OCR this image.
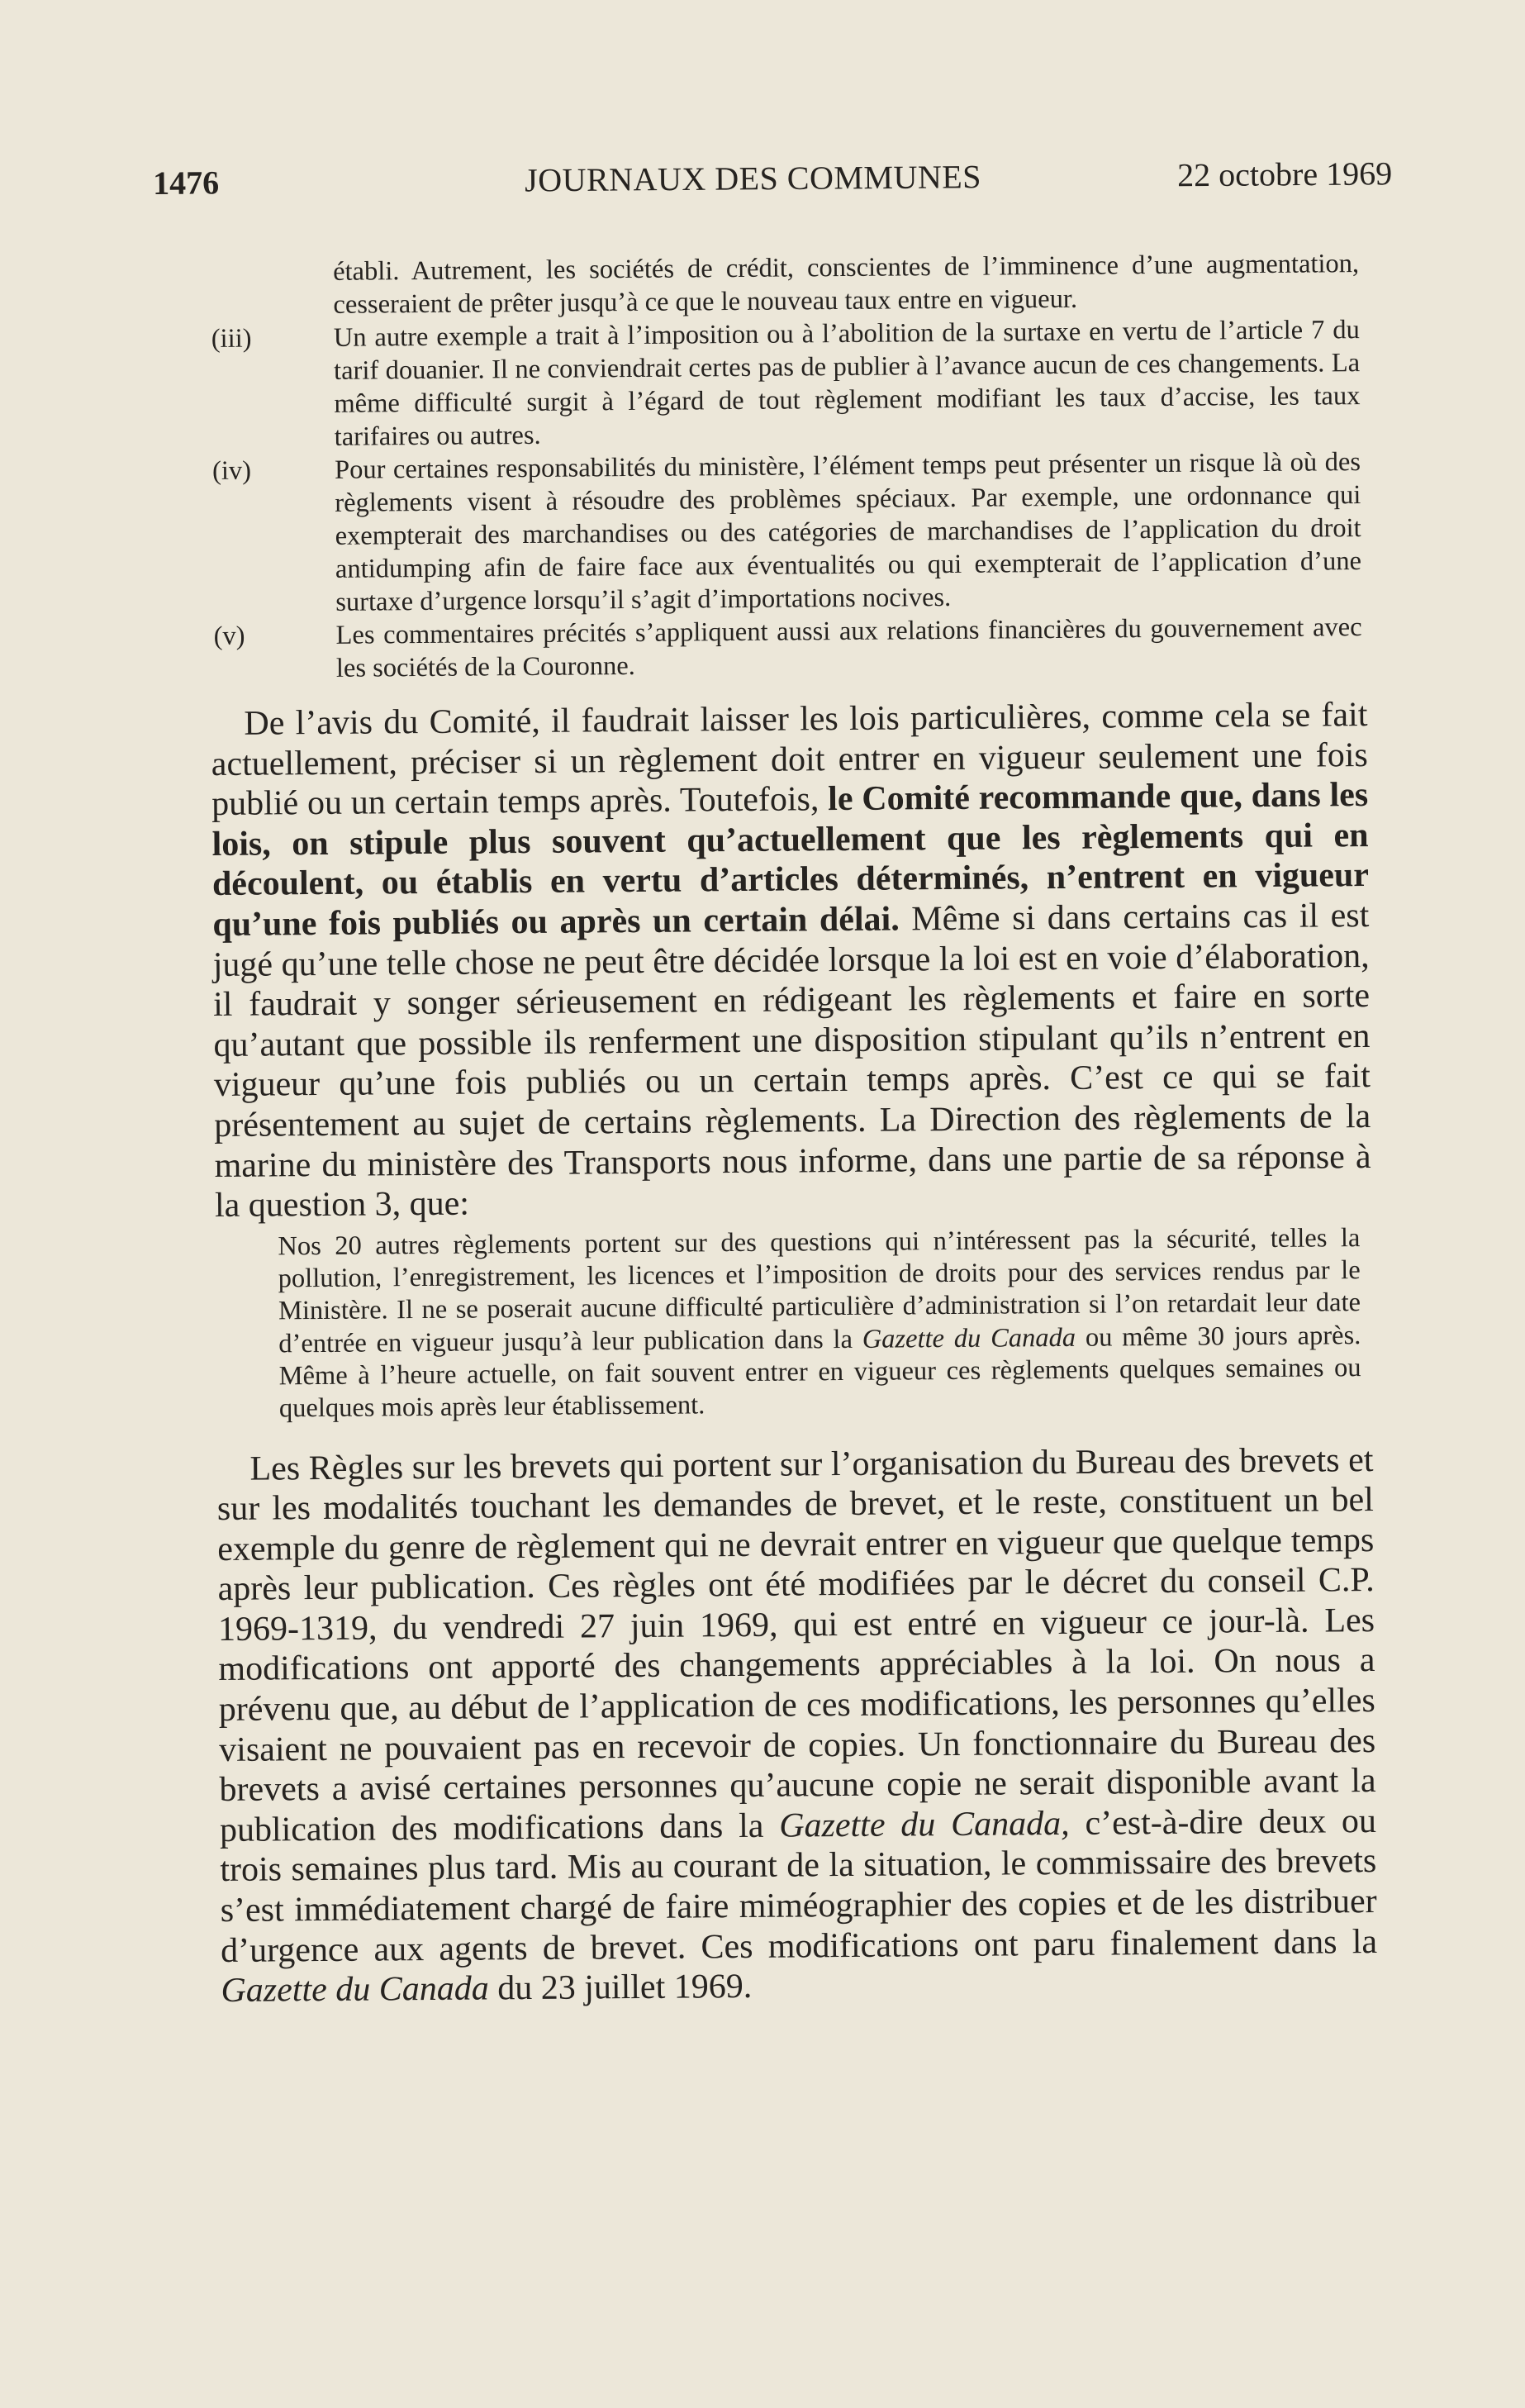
1476	JOURNAUX DES COMMUNES	22 octobre 1969
établi. Autrement, les sociétés de crédit, conscientes de l’imminence d’une augmentation, cesseraient de prêter jusqu’à ce que le nouveau taux entre en vigueur.
(iii)	Un autre exemple a trait à l’imposition ou à l’abolition de la surtaxe en vertu de l’article 7 du tarif douanier. Il ne conviendrait certes pas de publier à l’avance aucun de ces changements. La même difficulté surgit à l’égard de tout règlement modifiant les taux d’accise, les taux tarifaires ou autres.
(iv)	Pour certaines responsabilités du ministère, l’élément temps peut présenter un risque là où des règlements visent à résoudre des problèmes spéciaux. Par exemple, une ordonnance qui exempterait des marchandises ou des catégories de marchandises de l’application du droit antidumping afin de faire face aux éventualités ou qui exempterait de l’application d’une surtaxe d’urgence lorsqu’il s’agit d’importations nocives.
(v)	Les commentaires précités s’appliquent aussi aux relations financières du gouvernement avec les sociétés de la Couronne.

De l’avis du Comité, il faudrait laisser les lois particulières, comme cela se fait actuellement, préciser si un règlement doit entrer en vigueur seulement une fois publié ou un certain temps après. Toutefois, le Comité recommande que, dans les lois, on stipule plus souvent qu’actuellement que les règlements qui en découlent, ou établis en vertu d’articles déterminés, n’entrent en vigueur qu’une fois publiés ou après un certain délai. Même si dans certains cas il est jugé qu’une telle chose ne peut être décidée lorsque la loi est en voie d’élaboration, il faudrait y songer sérieusement en rédigeant les règlements et faire en sorte qu’autant que possible ils renferment une disposition stipulant qu’ils n’entrent en vigueur qu’une fois publiés ou un certain temps après. C’est ce qui se fait présentement au sujet de certains règlements. La Direction des règlements de la marine du ministère des Transports nous informe, dans une partie de sa réponse à la question 3, que:

Nos 20 autres règlements portent sur des questions qui n’intéressent pas la sécurité, telles la pollution, l’enregistrement, les licences et l’imposition de droits pour des services rendus par le Ministère. Il ne se poserait aucune difficulté particulière d’administration si l’on retardait leur date d’entrée en vigueur jusqu’à leur publication dans la Gazette du Canada ou même 30 jours après. Même à l’heure actuelle, on fait souvent entrer en vigueur ces règlements quelques semaines ou quelques mois après leur établissement.

Les Règles sur les brevets qui portent sur l’organisation du Bureau des brevets et sur les modalités touchant les demandes de brevet, et le reste, constituent un bel exemple du genre de règlement qui ne devrait entrer en vigueur que quelque temps après leur publication. Ces règles ont été modifiées par le décret du conseil C.P. 1969-1319, du vendredi 27 juin 1969, qui est entré en vigueur ce jour-là. Les modifications ont apporté des changements appréciables à la loi. On nous a prévenu que, au début de l’application de ces modifications, les personnes qu’elles visaient ne pouvaient pas en recevoir de copies. Un fonctionnaire du Bureau des brevets a avisé certaines personnes qu’aucune copie ne serait disponible avant la publication des modifications dans la Gazette du Canada, c’est-à-dire deux ou trois semaines plus tard. Mis au courant de la situation, le commissaire des brevets s’est immédiatement chargé de faire miméographier des copies et de les distribuer d’urgence aux agents de brevet. Ces modifications ont paru finalement dans la Gazette du Canada du 23 juillet 1969.
